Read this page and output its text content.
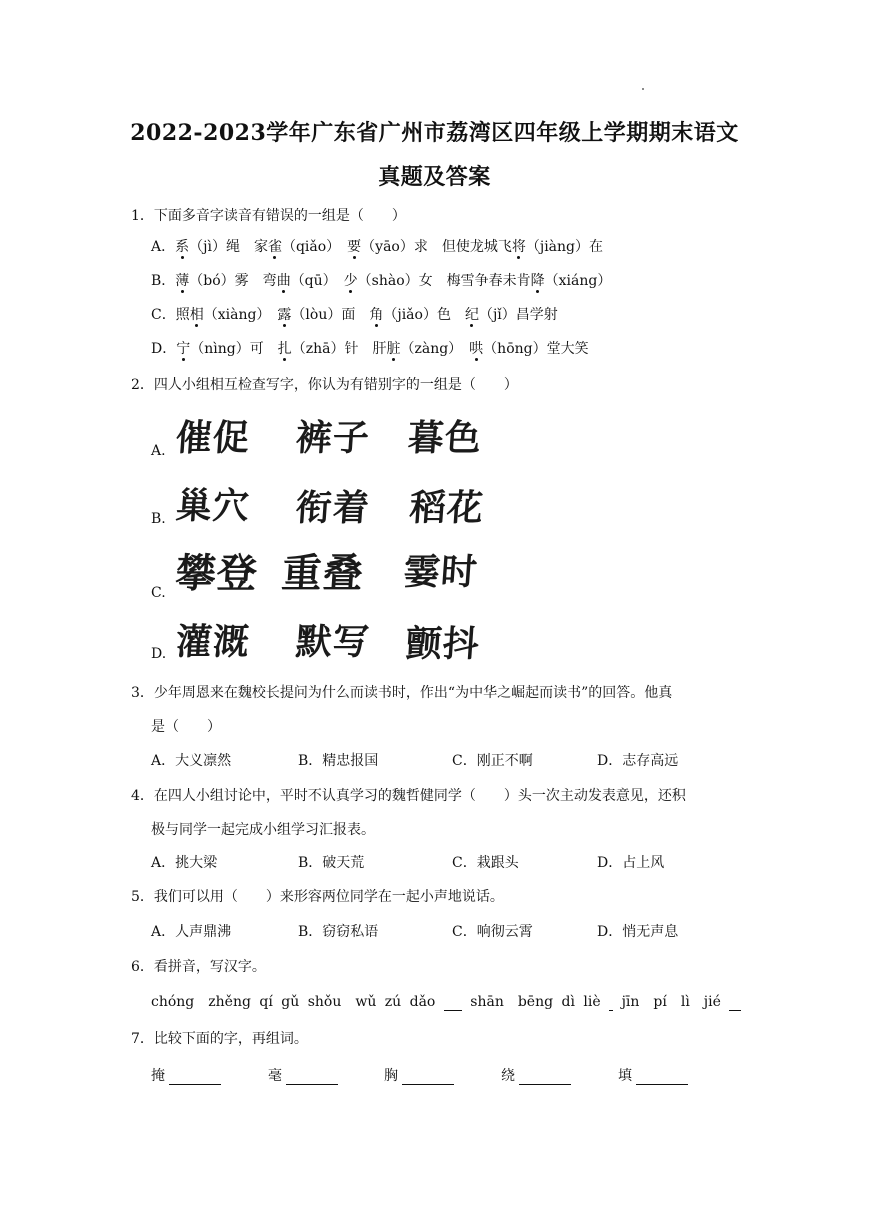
2022-2023学年广东省广州市荔湾区四年级上学期期末语文
真题及答案
1．下面多音字读音有错误的一组是（　　）
A．系（jì）绳　家雀（qiǎo）　要（yāo）求　但使龙城飞将（jiàng）在
B．薄（bó）雾　弯曲（qū）　少（shào）女　梅雪争春未肯降（xiáng）
C．照相（xiàng）　露（lòu）面　角（jiǎo）色　纪（jǐ）昌学射
D．宁（nìng）可　扎（zhā）针　肝脏（zàng）　哄（hōng）堂大笑
2．四人小组相互检查写字，你认为有错别字的一组是（　　）
A. 催促 裤子 暮色
B. 巢穴 衔着 稻花
C. 攀登 重叠 霎时
D. 灌溉 默写 颤抖
3．少年周恩来在魏校长提问为什么而读书时，作出“为中华之崛起而读书”的回答。他真
是（　　）
A．大义凛然	B．精忠报国	C．刚正不啊	D．志存高远
4．在四人小组讨论中，平时不认真学习的魏哲健同学（　　）头一次主动发表意见，还积
极与同学一起完成小组学习汇报表。
A．挑大梁	B．破天荒	C．栽跟头	D．占上风
5．我们可以用（　　）来形容两位同学在一起小声地说话。
A．人声鼎沸	B．窃窃私语	C．响彻云霄	D．悄无声息
6．看拼音，写汉字。
chóng　zhěng qí gǔ shǒu　wǔ zú dǎo shān　bēng dì liè jīn　pí　lì　jié
7．比较下面的字，再组词。
掩	毫	胸	绕	填
